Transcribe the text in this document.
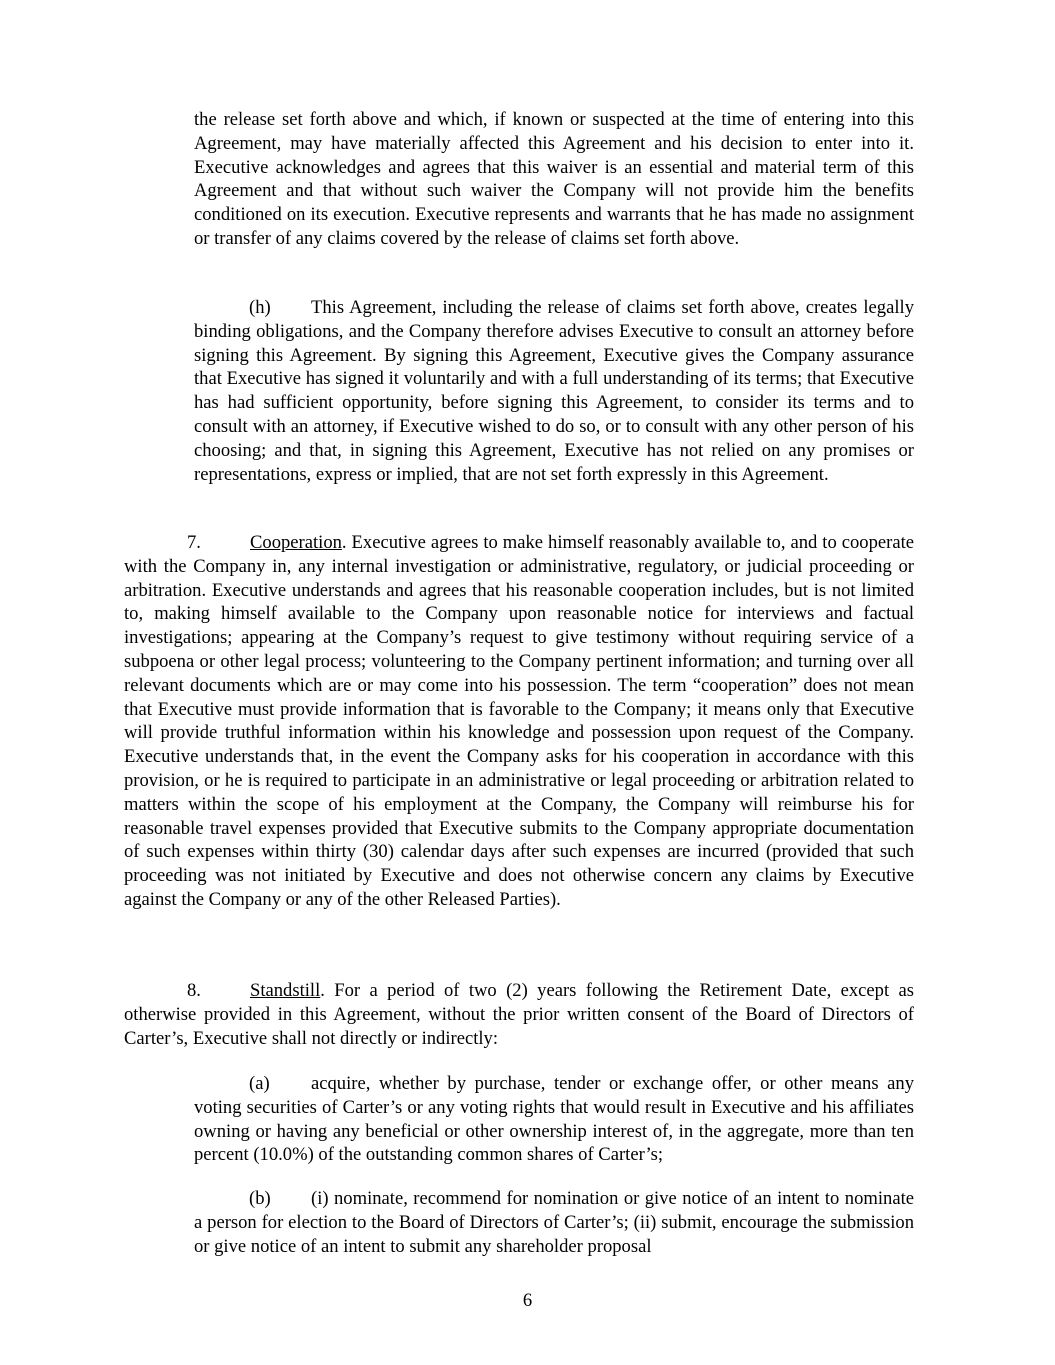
the release set forth above and which, if known or suspected at the time of entering into this Agreement, may have materially affected this Agreement and his decision to enter into it. Executive acknowledges and agrees that this waiver is an essential and material term of this Agreement and that without such waiver the Company will not provide him the benefits conditioned on its execution. Executive represents and warrants that he has made no assignment or transfer of any claims covered by the release of claims set forth above.

(h) This Agreement, including the release of claims set forth above, creates legally binding obligations, and the Company therefore advises Executive to consult an attorney before signing this Agreement. By signing this Agreement, Executive gives the Company assurance that Executive has signed it voluntarily and with a full understanding of its terms; that Executive has had sufficient opportunity, before signing this Agreement, to consider its terms and to consult with an attorney, if Executive wished to do so, or to consult with any other person of his choosing; and that, in signing this Agreement, Executive has not relied on any promises or representations, express or implied, that are not set forth expressly in this Agreement.

7.	Cooperation. Executive agrees to make himself reasonably available to, and to cooperate with the Company in, any internal investigation or administrative, regulatory, or judicial proceeding or arbitration. Executive understands and agrees that his reasonable cooperation includes, but is not limited to, making himself available to the Company upon reasonable notice for interviews and factual investigations; appearing at the Company’s request to give testimony without requiring service of a subpoena or other legal process; volunteering to the Company pertinent information; and turning over all relevant documents which are or may come into his possession. The term “cooperation” does not mean that Executive must provide information that is favorable to the Company; it means only that Executive will provide truthful information within his knowledge and possession upon request of the Company. Executive understands that, in the event the Company asks for his cooperation in accordance with this provision, or he is required to participate in an administrative or legal proceeding or arbitration related to matters within the scope of his employment at the Company, the Company will reimburse his for reasonable travel expenses provided that Executive submits to the Company appropriate documentation of such expenses within thirty (30) calendar days after such expenses are incurred (provided that such proceeding was not initiated by Executive and does not otherwise concern any claims by Executive against the Company or any of the other Released Parties).

8.	Standstill. For a period of two (2) years following the Retirement Date, except as otherwise provided in this Agreement, without the prior written consent of the Board of Directors of Carter’s, Executive shall not directly or indirectly:

(a) acquire, whether by purchase, tender or exchange offer, or other means any voting securities of Carter’s or any voting rights that would result in Executive and his affiliates owning or having any beneficial or other ownership interest of, in the aggregate, more than ten percent (10.0%) of the outstanding common shares of Carter’s;

(b) (i) nominate, recommend for nomination or give notice of an intent to nominate a person for election to the Board of Directors of Carter’s; (ii) submit, encourage the submission or give notice of an intent to submit any shareholder proposal

6
